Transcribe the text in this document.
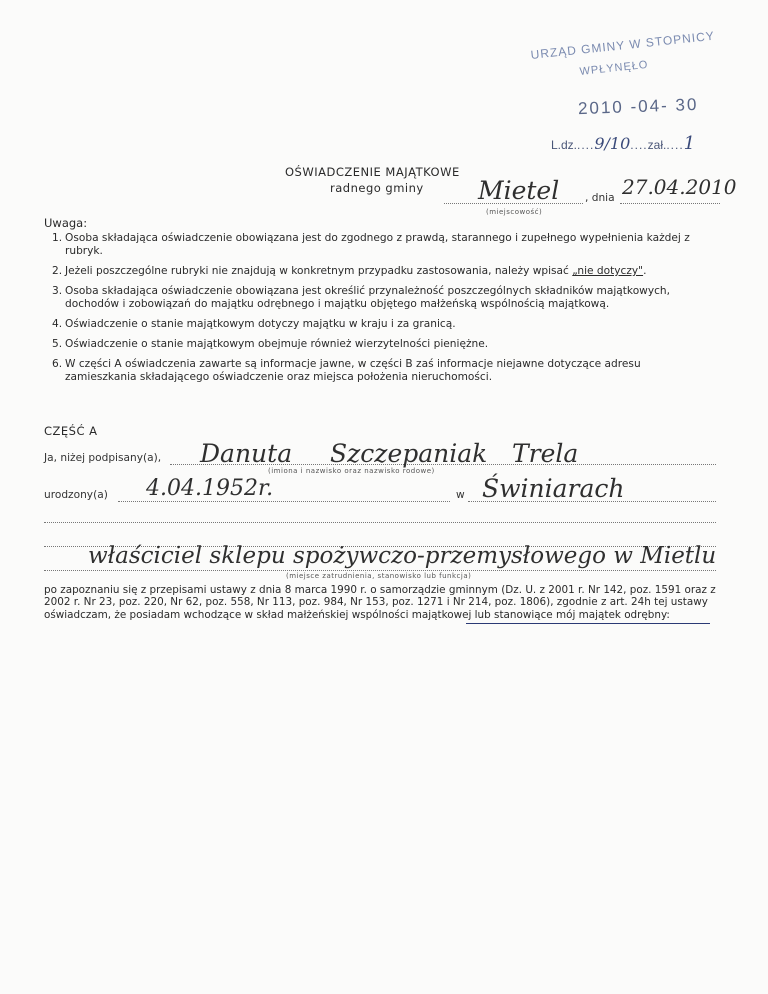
URZĄD GMINY W STOPNICY
WPŁYNĘŁO
2010 -04- 30
L.dz.....9/10....zał.....1
OŚWIADCZENIE MAJĄTKOWE
radnego gminy Mietel
(miejscowość)
, dnia 27.04.2010
Uwaga:
1. Osoba składająca oświadczenie obowiązana jest do zgodnego z prawdą, starannego i zupełnego wypełnienia każdej z rubryk.
2. Jeżeli poszczególne rubryki nie znajdują w konkretnym przypadku zastosowania, należy wpisać „nie dotyczy".
3. Osoba składająca oświadczenie obowiązana jest określić przynależność poszczególnych składników majątkowych, dochodów i zobowiązań do majątku odrębnego i majątku objętego małżeńską wspólnością majątkową.
4. Oświadczenie o stanie majątkowym dotyczy majątku w kraju i za granicą.
5. Oświadczenie o stanie majątkowym obejmuje również wierzytelności pieniężne.
6. W części A oświadczenia zawarte są informacje jawne, w części B zaś informacje niejawne dotyczące adresu zamieszkania składającego oświadczenie oraz miejsca położenia nieruchomości.
CZĘŚĆ A
Ja, niżej podpisany(a), Danuta Szczepaniak Trela
(imiona i nazwisko oraz nazwisko rodowe)
urodzony(a) 4.04.1952r.	w Świniarach
właściciel sklepu spożywczo-przemysłowego w Mietlu
(miejsce zatrudnienia, stanowisko lub funkcja)
po zapoznaniu się z przepisami ustawy z dnia 8 marca 1990 r. o samorządzie gminnym (Dz. U. z 2001 r. Nr 142, poz. 1591 oraz z 2002 r. Nr 23, poz. 220, Nr 62, poz. 558, Nr 113, poz. 984, Nr 153, poz. 1271 i Nr 214, poz. 1806), zgodnie z art. 24h tej ustawy oświadczam, że posiadam wchodzące w skład małżeńskiej wspólności majątkowej lub stanowiące mój majątek odrębny:
